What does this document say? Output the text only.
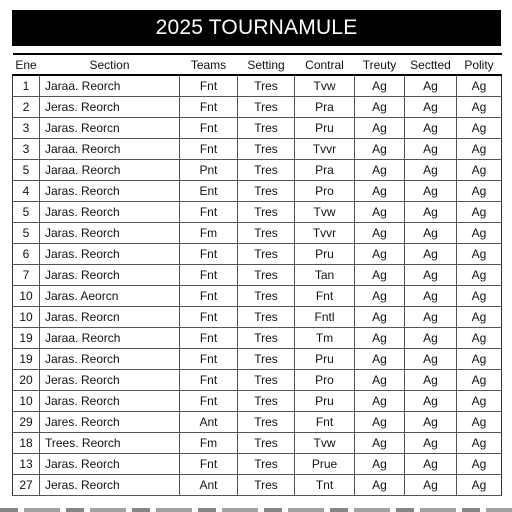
2025 TOURNAMULE
Ene	Section	Teams	Setting	Contral	Treuty	Sectted	Polity
1	Jaraa. Reorch	Fnt	Tres	Tvw	Ag	Ag	Ag
2	Jeras. Reorch	Fnt	Tres	Pra	Ag	Ag	Ag
3	Jaras. Reorcn	Fnt	Tres	Pru	Ag	Ag	Ag
3	Jaraa. Reorch	Fnt	Tres	Tvvr	Ag	Ag	Ag
5	Jaraa. Reorch	Pnt	Tres	Pra	Ag	Ag	Ag
4	Jaras. Reorch	Ent	Tres	Pro	Ag	Ag	Ag
5	Jaras. Reorch	Fnt	Tres	Tvw	Ag	Ag	Ag
5	Jaras. Reorch	Fm	Tres	Tvvr	Ag	Ag	Ag
6	Jaras. Reorch	Fnt	Tres	Pru	Ag	Ag	Ag
7	Jaras. Reorch	Fnt	Tres	Tan	Ag	Ag	Ag
10	Jaras. Aeorcn	Fnt	Tres	Fnt	Ag	Ag	Ag
10	Jaras. Reorcn	Fnt	Tres	Fntl	Ag	Ag	Ag
19	Jaraa. Reorch	Fnt	Tres	Tm	Ag	Ag	Ag
19	Jaras. Reorch	Fnt	Tres	Pru	Ag	Ag	Ag
20	Jeras. Reorch	Fnt	Tres	Pro	Ag	Ag	Ag
10	Jaras. Reorch	Fnt	Tres	Pru	Ag	Ag	Ag
29	Jares. Reorch	Ant	Tres	Fnt	Ag	Ag	Ag
18	Trees. Reorch	Fm	Tres	Tvw	Ag	Ag	Ag
13	Jaras. Reorch	Fnt	Tres	Prue	Ag	Ag	Ag
27	Jeras. Reorch	Ant	Tres	Tnt	Ag	Ag	Ag
